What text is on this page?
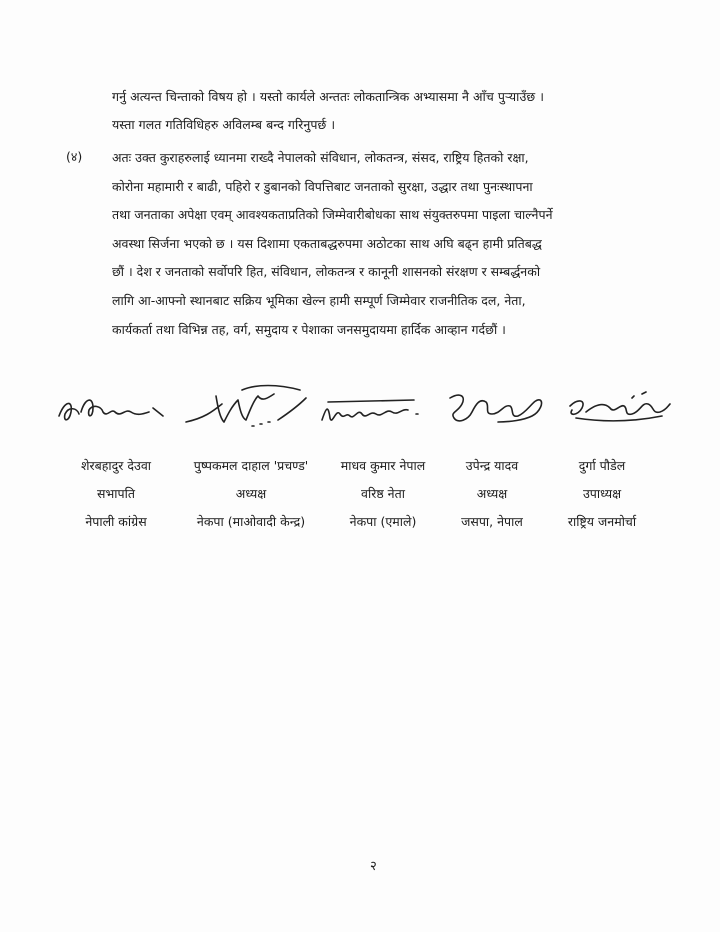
गर्नु अत्यन्त चिन्ताको विषय हो । यस्तो कार्यले अन्ततः लोकतान्त्रिक अभ्यासमा नै आँच पुर्‍याउँछ ।
यस्ता गलत गतिविधिहरु अविलम्ब बन्द गरिनुपर्छ ।
(४) अतः उक्त कुराहरुलाई ध्यानमा राख्दै नेपालको संविधान, लोकतन्त्र, संसद, राष्ट्रिय हितको रक्षा,
कोरोना महामारी र बाढी, पहिरो र डुबानको विपत्तिबाट जनताको सुरक्षा, उद्धार तथा पुनःस्थापना
तथा जनताका अपेक्षा एवम् आवश्यकताप्रतिको जिम्मेवारीबोधका साथ संयुक्तरुपमा पाइला चाल्नैपर्ने
अवस्था सिर्जना भएको छ । यस दिशामा एकताबद्धरुपमा अठोटका साथ अघि बढ्न हामी प्रतिबद्ध
छौं । देश र जनताको सर्वोपरि हित, संविधान, लोकतन्त्र र कानूनी शासनको संरक्षण र सम्बर्द्धनको
लागि आ-आफ्नो स्थानबाट सक्रिय भूमिका खेल्न हामी सम्पूर्ण जिम्मेवार राजनीतिक दल, नेता,
कार्यकर्ता तथा विभिन्न तह, वर्ग, समुदाय र पेशाका जनसमुदायमा हार्दिक आव्हान गर्दछौं ।
शेरबहादुर देउवा
सभापति
नेपाली कांग्रेस
पुष्पकमल दाहाल 'प्रचण्ड'
अध्यक्ष
नेकपा (माओवादी केन्द्र)
माधव कुमार नेपाल
वरिष्ठ नेता
नेकपा (एमाले)
उपेन्द्र यादव
अध्यक्ष
जसपा, नेपाल
दुर्गा पौडेल
उपाध्यक्ष
राष्ट्रिय जनमोर्चा
२
